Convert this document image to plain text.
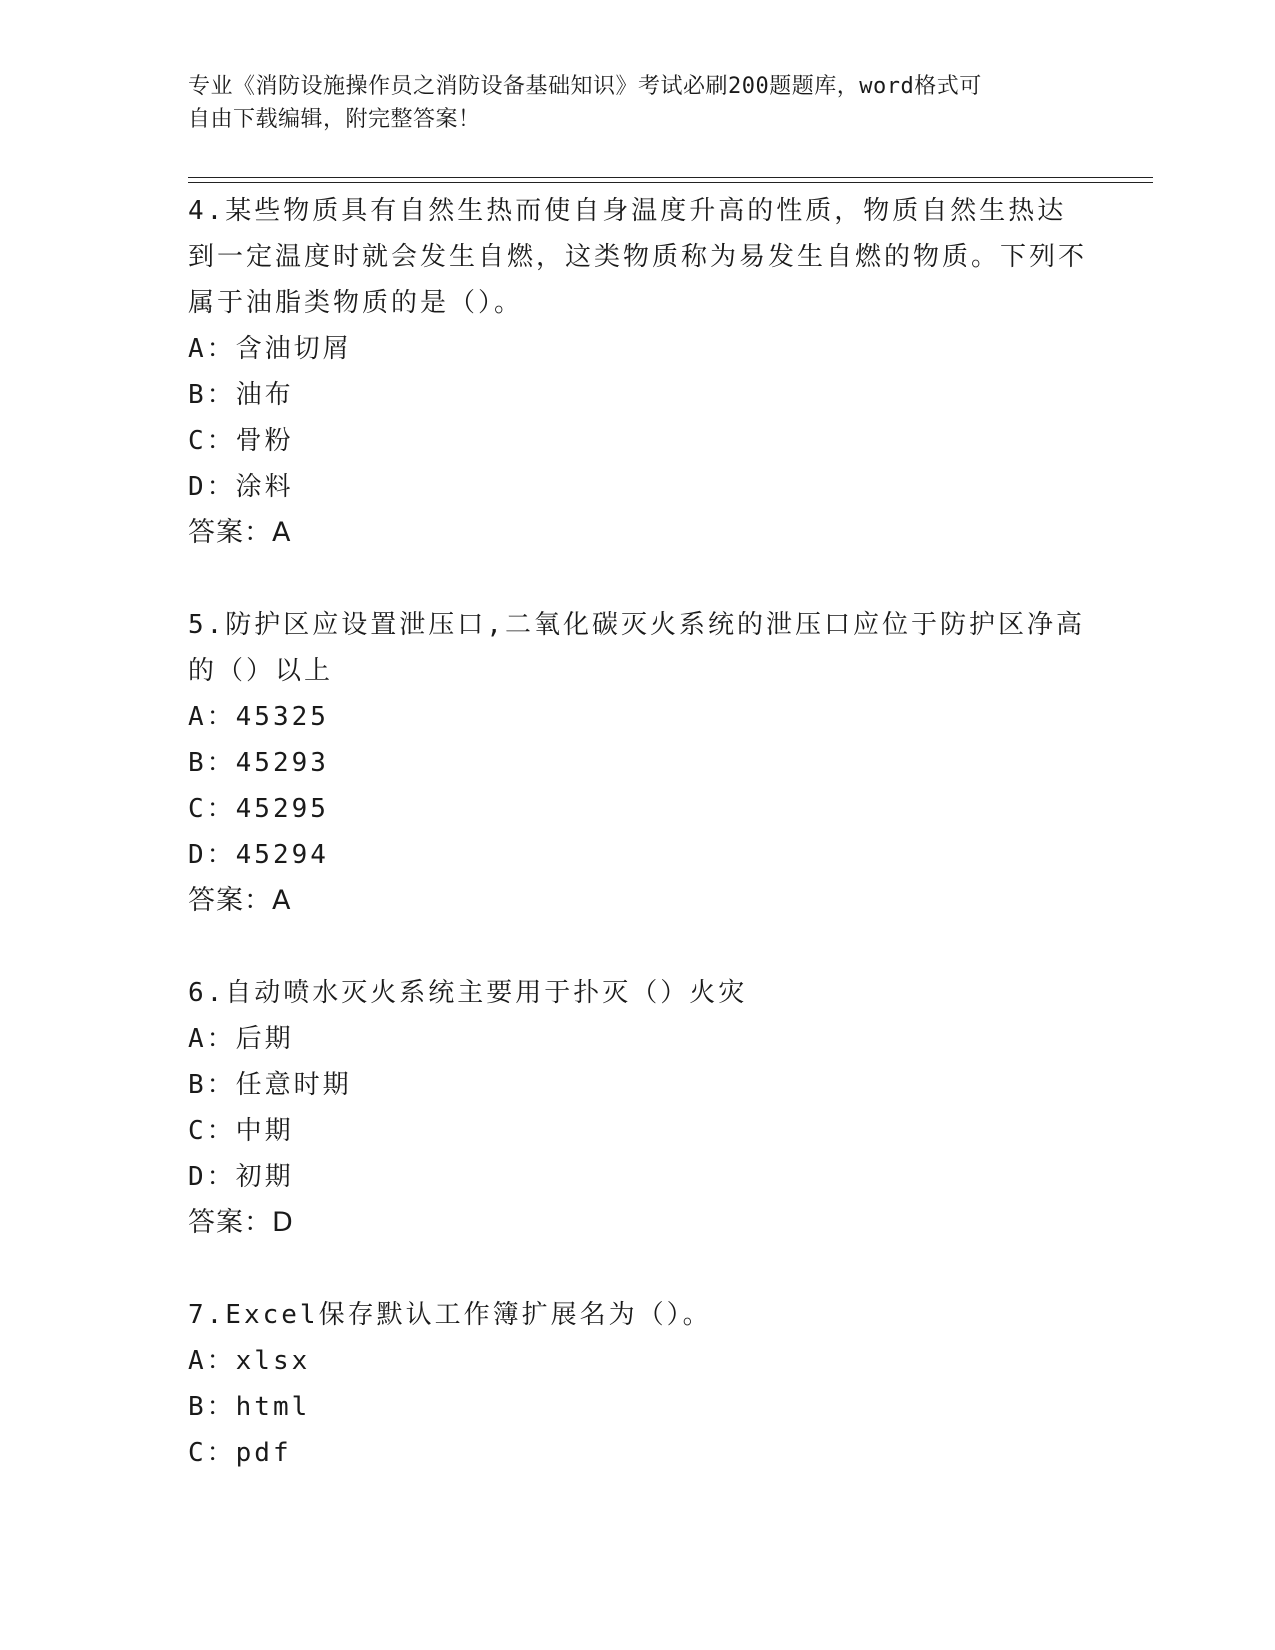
专业《消防设施操作员之消防设备基础知识》考试必刷200题题库，word格式可
自由下载编辑，附完整答案！

4.某些物质具有自然生热而使自身温度升高的性质，物质自然生热达到一定温度时就会发生自燃，这类物质称为易发生自燃的物质。下列不属于油脂类物质的是（）。

A：含油切屑

B：油布

C：骨粉

D：涂料

答案：A

5.防护区应设置泄压口,二氧化碳灭火系统的泄压口应位于防护区净高的（）以上

A：45325

B：45293

C：45295

D：45294

答案：A

6.自动喷水灭火系统主要用于扑灭（）火灾

A：后期

B：任意时期

C：中期

D：初期

答案：D

7.Excel保存默认工作簿扩展名为（）。

A：xlsx

B：html

C：pdf
